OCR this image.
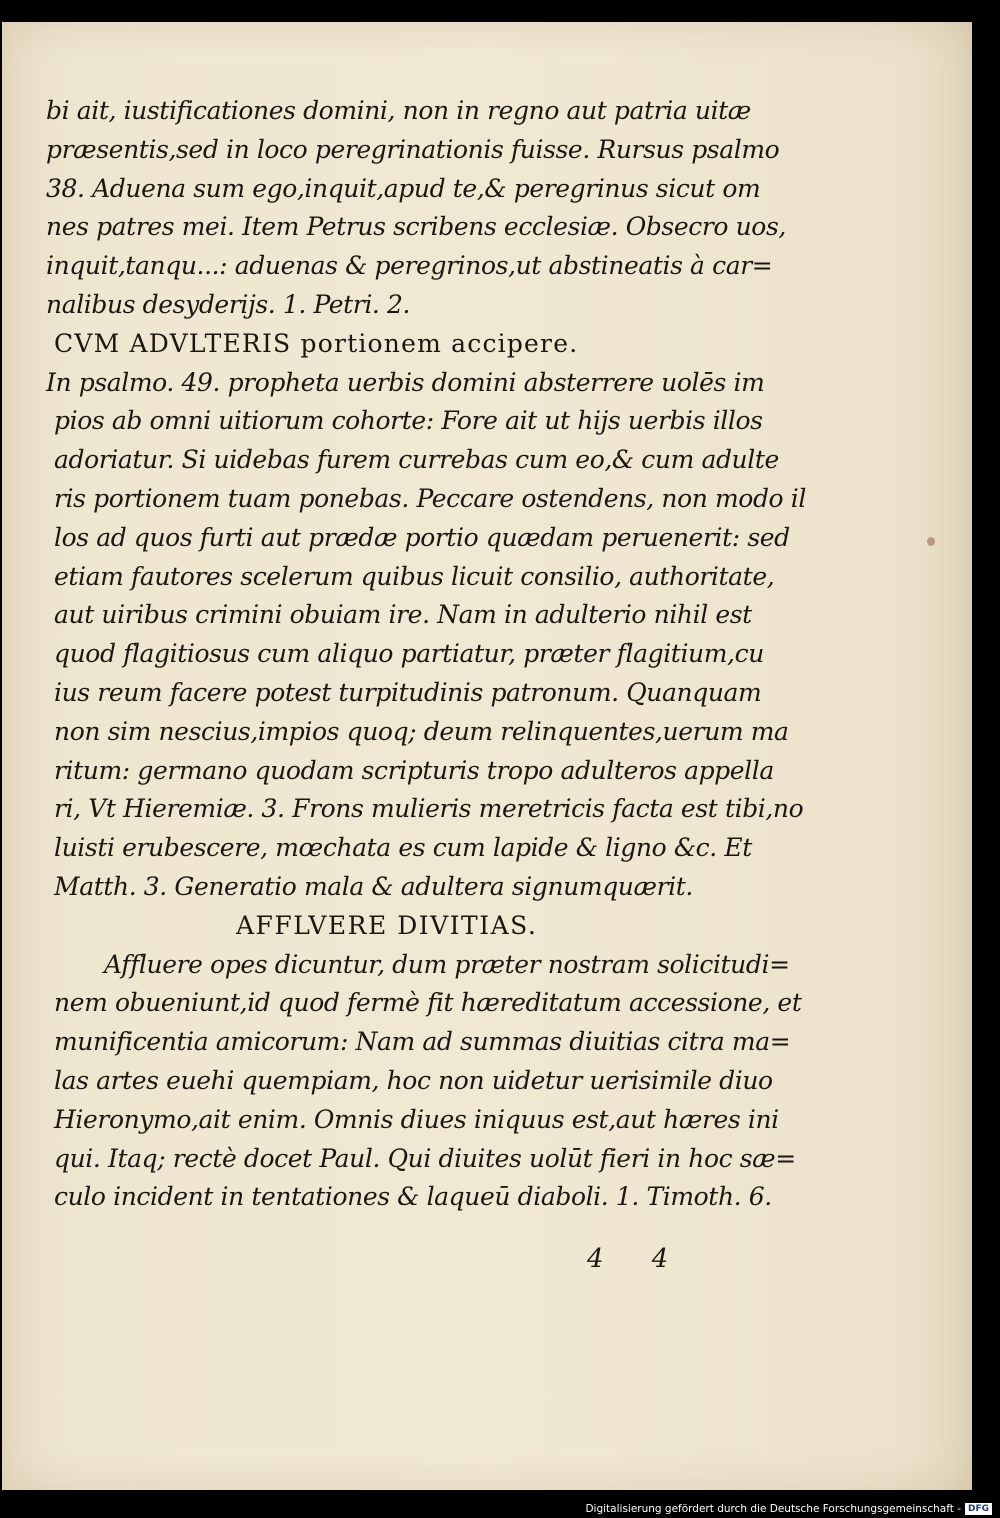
bi ait, iustificationes domini, non in regno aut patria uitæ
præsentis,sed in loco peregrinationis fuisse. Rursus psalmo
38. Aduena sum ego,inquit,apud te,& peregrinus sicut om
nes patres mei. Item Petrus scribens ecclesiæ. Obsecro uos,
inquit,tanqu...: aduenas & peregrinos,ut abstineatis à car=
nalibus desyderijs. 1. Petri. 2.
CVM ADVLTERIS portionem accipere.
In psalmo. 49. propheta uerbis domini absterrere uolēs im
pios ab omni uitiorum cohorte: Fore ait ut hijs uerbis illos
adoriatur. Si uidebas furem currebas cum eo,& cum adulte
ris portionem tuam ponebas. Peccare ostendens, non modo il
los ad quos furti aut prædæ portio quædam peruenerit: sed
etiam fautores scelerum quibus licuit consilio, authoritate,
aut uiribus crimini obuiam ire. Nam in adulterio nihil est
quod flagitiosus cum aliquo partiatur, præter flagitium,cu
ius reum facere potest turpitudinis patronum. Quanquam
non sim nescius,impios quoq; deum relinquentes,uerum ma
ritum: germano quodam scripturis tropo adulteros appella
ri, Vt Hieremiæ. 3. Frons mulieris meretricis facta est tibi,no
luisti erubescere, mœchata es cum lapide & ligno &c. Et
Matth. 3. Generatio mala & adultera signumquærit.
AFFLVERE DIVITIAS.
Affluere opes dicuntur, dum præter nostram solicitudi=
nem obueniunt,id quod fermè fit hæreditatum accessione, et
munificentia amicorum: Nam ad summas diuitias citra ma=
las artes euehi quempiam, hoc non uidetur uerisimile diuo
Hieronymo,ait enim. Omnis diues iniquus est,aut hæres ini
qui. Itaq; rectè docet Paul. Qui diuites uolūt fieri in hoc sæ=
culo incident in tentationes & laqueū diaboli. 1. Timoth. 6.
4 4
Digitalisierung gefördert durch die Deutsche Forschungsgemeinschaft - DFG
